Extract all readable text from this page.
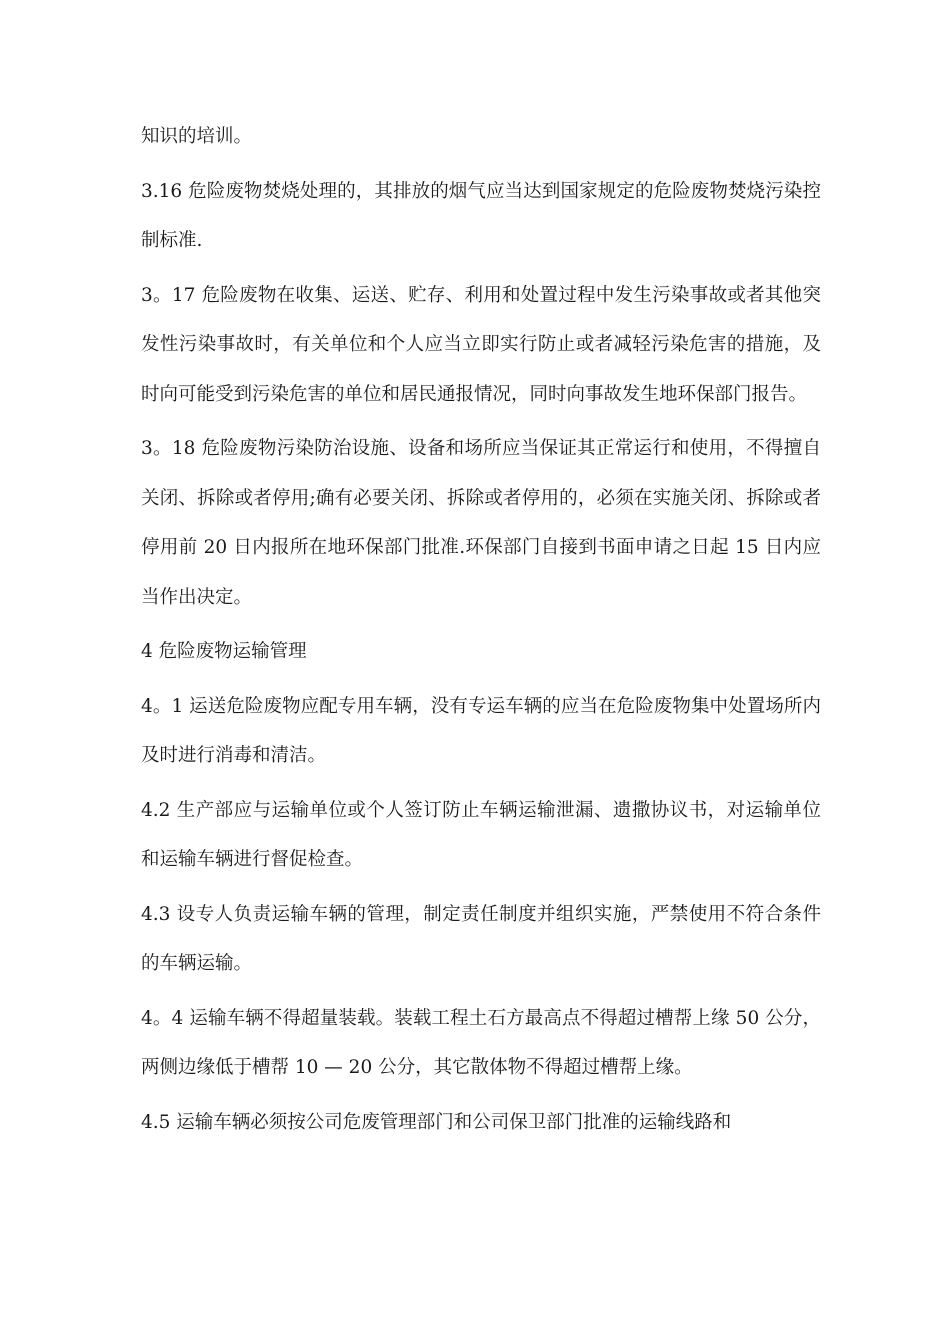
知识的培训。

3.16 危险废物焚烧处理的，其排放的烟气应当达到国家规定的危险废物焚烧污染控制标准.

3。17 危险废物在收集、运送、贮存、利用和处置过程中发生污染事故或者其他突发性污染事故时，有关单位和个人应当立即实行防止或者减轻污染危害的措施，及时向可能受到污染危害的单位和居民通报情况，同时向事故发生地环保部门报告。

3。18 危险废物污染防治设施、设备和场所应当保证其正常运行和使用，不得擅自关闭、拆除或者停用;确有必要关闭、拆除或者停用的，必须在实施关闭、拆除或者停用前 20 日内报所在地环保部门批准.环保部门自接到书面申请之日起 15 日内应当作出决定。

4 危险废物运输管理

4。1 运送危险废物应配专用车辆，没有专运车辆的应当在危险废物集中处置场所内及时进行消毒和清洁。

4.2 生产部应与运输单位或个人签订防止车辆运输泄漏、遗撒协议书，对运输单位和运输车辆进行督促检查。

4.3 设专人负责运输车辆的管理，制定责任制度并组织实施，严禁使用不符合条件的车辆运输。

4。4 运输车辆不得超量装载。装载工程土石方最高点不得超过槽帮上缘 50 公分，两侧边缘低于槽帮 10 — 20 公分，其它散体物不得超过槽帮上缘。

4.5 运输车辆必须按公司危废管理部门和公司保卫部门批准的运输线路和
